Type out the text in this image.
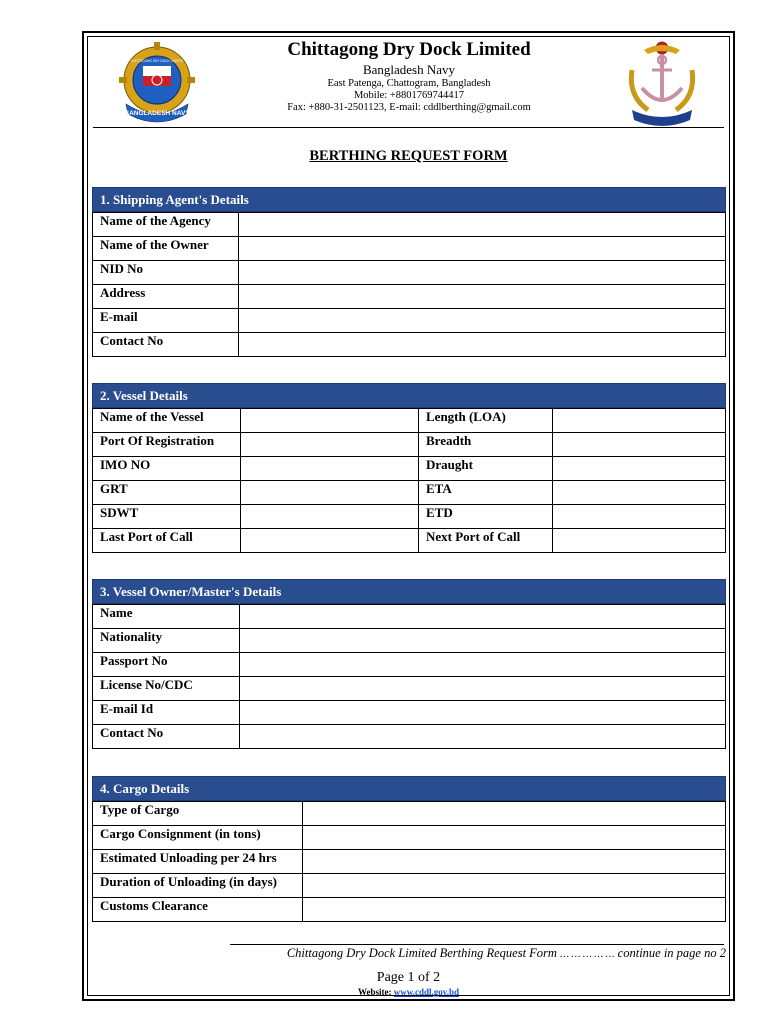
BANGLADESH NAVY
CHITTAGONG DRY DOCK LIMITED
Chittagong Dry Dock Limited
Bangladesh Navy
East Patenga, Chattogram, Bangladesh
Mobile: +8801769744417
Fax: +880-31-2501123, E-mail: cddlberthing@gmail.com
BERTHING REQUEST FORM
1. Shipping Agent's Details
Name of the Agency	
Name of the Owner	
NID No	
Address	
E-mail	
Contact No	
2. Vessel Details
Name of the Vessel		Length (LOA)	
Port Of Registration		Breadth	
IMO NO		Draught	
GRT		ETA	
SDWT		ETD	
Last Port of Call		Next Port of Call	
3. Vessel Owner/Master's Details
Name	
Nationality	
Passport No	
License No/CDC	
E-mail Id	
Contact No	
4. Cargo Details
Type of Cargo	
Cargo Consignment (in tons)	
Estimated Unloading per 24 hrs	
Duration of Unloading (in days)	
Customs Clearance	
Chittagong Dry Dock Limited Berthing Request Form … … … … … continue in page no 2
Page 1 of 2
Website: www.cddl.gov.bd
